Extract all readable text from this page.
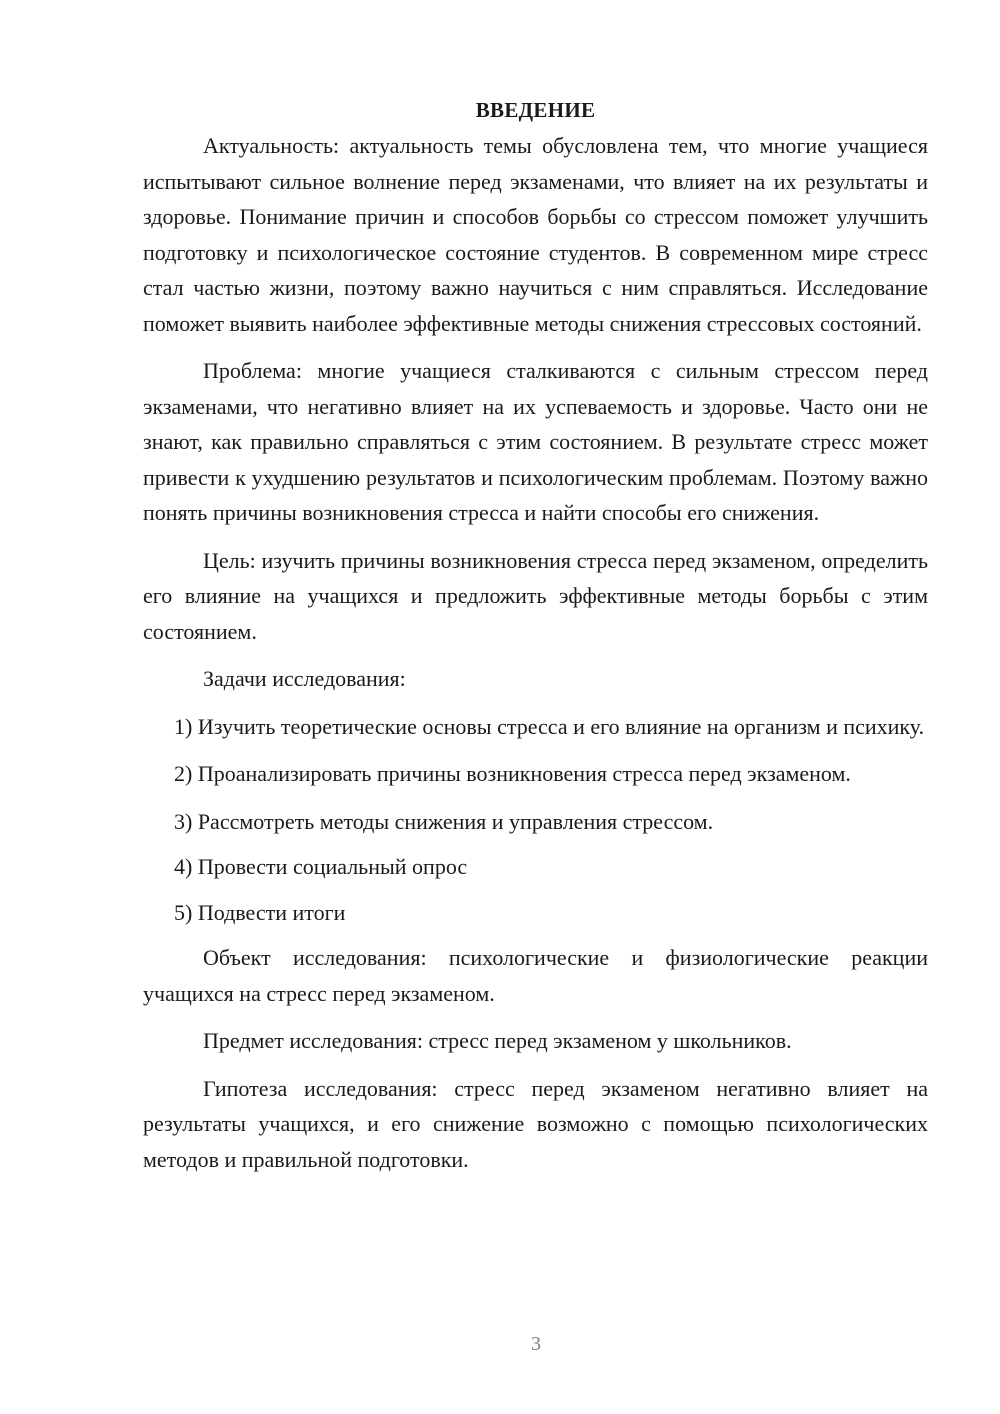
ВВЕДЕНИЕ

Актуальность: актуальность темы обусловлена тем, что многие учащиеся испытывают сильное волнение перед экзаменами, что влияет на их результаты и здоровье. Понимание причин и способов борьбы со стрессом поможет улучшить подготовку и психологическое состояние студентов. В современном мире стресс стал частью жизни, поэтому важно научиться с ним справляться. Исследование поможет выявить наиболее эффективные методы снижения стрессовых состояний.

Проблема: многие учащиеся сталкиваются с сильным стрессом перед экзаменами, что негативно влияет на их успеваемость и здоровье. Часто они не знают, как правильно справляться с этим состоянием. В результате стресс может привести к ухудшению результатов и психологическим проблемам. Поэтому важно понять причины возникновения стресса и найти способы его снижения.

Цель: изучить причины возникновения стресса перед экзаменом, определить его влияние на учащихся и предложить эффективные методы борьбы с этим состоянием.

Задачи исследования:

1) Изучить теоретические основы стресса и его влияние на организм и психику.

2) Проанализировать причины возникновения стресса перед экзаменом.

3) Рассмотреть методы снижения и управления стрессом.

4) Провести социальный опрос

5) Подвести итоги

Объект исследования: психологические и физиологические реакции учащихся на стресс перед экзаменом.

Предмет исследования: стресс перед экзаменом у школьников.

Гипотеза исследования: стресс перед экзаменом негативно влияет на результаты учащихся, и его снижение возможно с помощью психологических методов и правильной подготовки.

3
